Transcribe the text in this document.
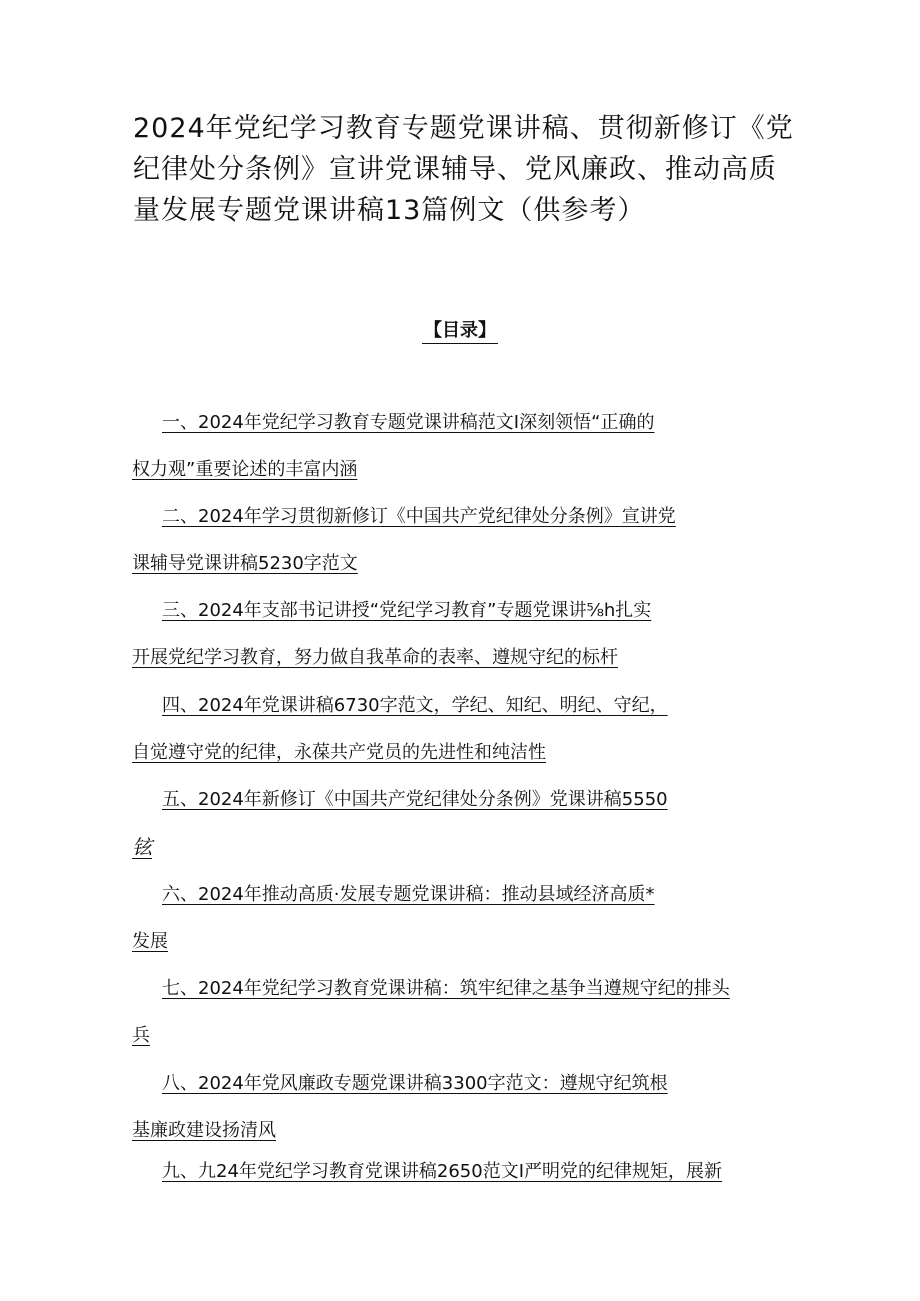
2024年党纪学习教育专题党课讲稿、贯彻新修订《党
纪律处分条例》宣讲党课辅导、党风廉政、推动高质
量发展专题党课讲稿13篇例文（供参考）
【目录】
一、2024年党纪学习教育专题党课讲稿范文I深刻领悟“正确的
权力观”重要论述的丰富内涵
二、2024年学习贯彻新修订《中国共产党纪律处分条例》宣讲党
课辅导党课讲稿5230字范文
三、2024年支部书记讲授“党纪学习教育”专题党课讲⅝h扎实
开展党纪学习教育，努力做自我革命的表率、遵规守纪的标杆
四、2024年党课讲稿6730字范文，学纪、知纪、明纪、守纪，
自觉遵守党的纪律，永葆共产党员的先进性和纯洁性
五、2024年新修订《中国共产党纪律处分条例》党课讲稿5550
铉
六、2024年推动高质·发展专题党课讲稿：推动县域经济高质*
发展
七、2024年党纪学习教育党课讲稿：筑牢纪律之基争当遵规守纪的排头
兵
八、2024年党风廉政专题党课讲稿3300字范文：遵规守纪筑根
基廉政建设扬清风
九、九24年党纪学习教育党课讲稿2650范文I严明党的纪律规矩，展新
